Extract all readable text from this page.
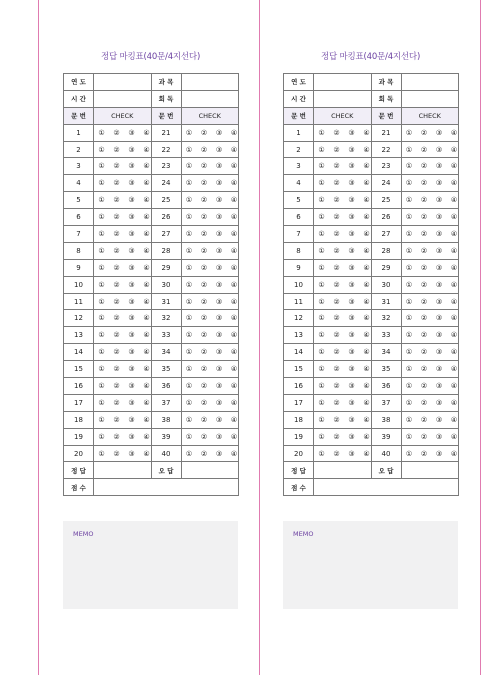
정답 마킹표(40문/4지선다)
연 도		과 목	
시 간		회 독	
문 번	CHECK	문 번	CHECK
1	① ② ③ ④	21	① ② ③ ④
2	① ② ③ ④	22	① ② ③ ④
3	① ② ③ ④	23	① ② ③ ④
4	① ② ③ ④	24	① ② ③ ④
5	① ② ③ ④	25	① ② ③ ④
6	① ② ③ ④	26	① ② ③ ④
7	① ② ③ ④	27	① ② ③ ④
8	① ② ③ ④	28	① ② ③ ④
9	① ② ③ ④	29	① ② ③ ④
10	① ② ③ ④	30	① ② ③ ④
11	① ② ③ ④	31	① ② ③ ④
12	① ② ③ ④	32	① ② ③ ④
13	① ② ③ ④	33	① ② ③ ④
14	① ② ③ ④	34	① ② ③ ④
15	① ② ③ ④	35	① ② ③ ④
16	① ② ③ ④	36	① ② ③ ④
17	① ② ③ ④	37	① ② ③ ④
18	① ② ③ ④	38	① ② ③ ④
19	① ② ③ ④	39	① ② ③ ④
20	① ② ③ ④	40	① ② ③ ④
정 답		오 답	
점 수			
정답 마킹표(40문/4지선다)
연 도		과 목	
시 간		회 독	
문 번	CHECK	문 번	CHECK
1	① ② ③ ④	21	① ② ③ ④
2	① ② ③ ④	22	① ② ③ ④
3	① ② ③ ④	23	① ② ③ ④
4	① ② ③ ④	24	① ② ③ ④
5	① ② ③ ④	25	① ② ③ ④
6	① ② ③ ④	26	① ② ③ ④
7	① ② ③ ④	27	① ② ③ ④
8	① ② ③ ④	28	① ② ③ ④
9	① ② ③ ④	29	① ② ③ ④
10	① ② ③ ④	30	① ② ③ ④
11	① ② ③ ④	31	① ② ③ ④
12	① ② ③ ④	32	① ② ③ ④
13	① ② ③ ④	33	① ② ③ ④
14	① ② ③ ④	34	① ② ③ ④
15	① ② ③ ④	35	① ② ③ ④
16	① ② ③ ④	36	① ② ③ ④
17	① ② ③ ④	37	① ② ③ ④
18	① ② ③ ④	38	① ② ③ ④
19	① ② ③ ④	39	① ② ③ ④
20	① ② ③ ④	40	① ② ③ ④
정 답		오 답	
점 수			
MEMO	MEMO
